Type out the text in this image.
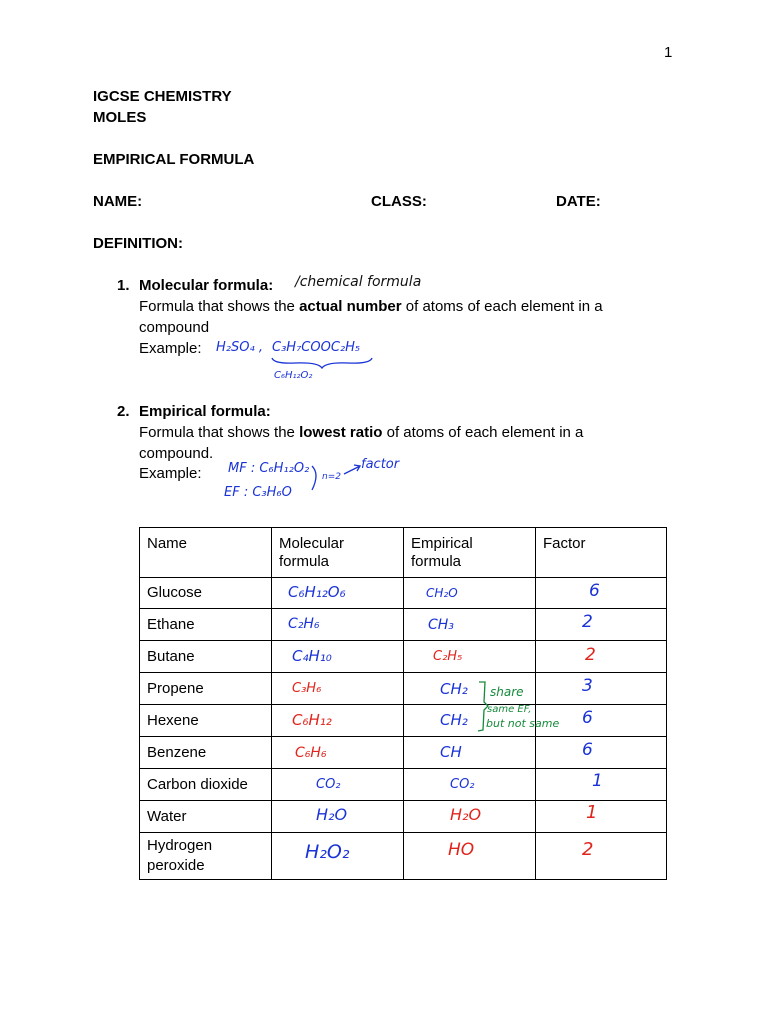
1
IGCSE CHEMISTRY
MOLES
EMPIRICAL FORMULA
NAME:	CLASS:	DATE:
DEFINITION:
1. Molecular formula: /chemical formula
Formula that shows the actual number of atoms of each element in a
compound
Example: H₂SO₄ , C₃H₇COOC₂H₅
C₆H₁₂O₂
2. Empirical formula:
Formula that shows the lowest ratio of atoms of each element in a
compound.
Example: MF : C₆H₁₂O₂
EF : C₃H₆O
n=2
factor
Name	Molecular formula	Empirical formula	Factor

Glucose	C₆H₁₂O₆	CH₂O	6

Ethane	C₂H₆	CH₃	2

Butane	C₄H₁₀	C₂H₅	2

Propene	C₃H₆	CH₂	3

Hexene	C₆H₁₂	CH₂	6

Benzene	C₆H₆	CH	6

Carbon dioxide	CO₂	CO₂	1

Water	H₂O	H₂O	1

Hydrogen peroxide	H₂O₂	HO	2
share
same EF,
but not same
